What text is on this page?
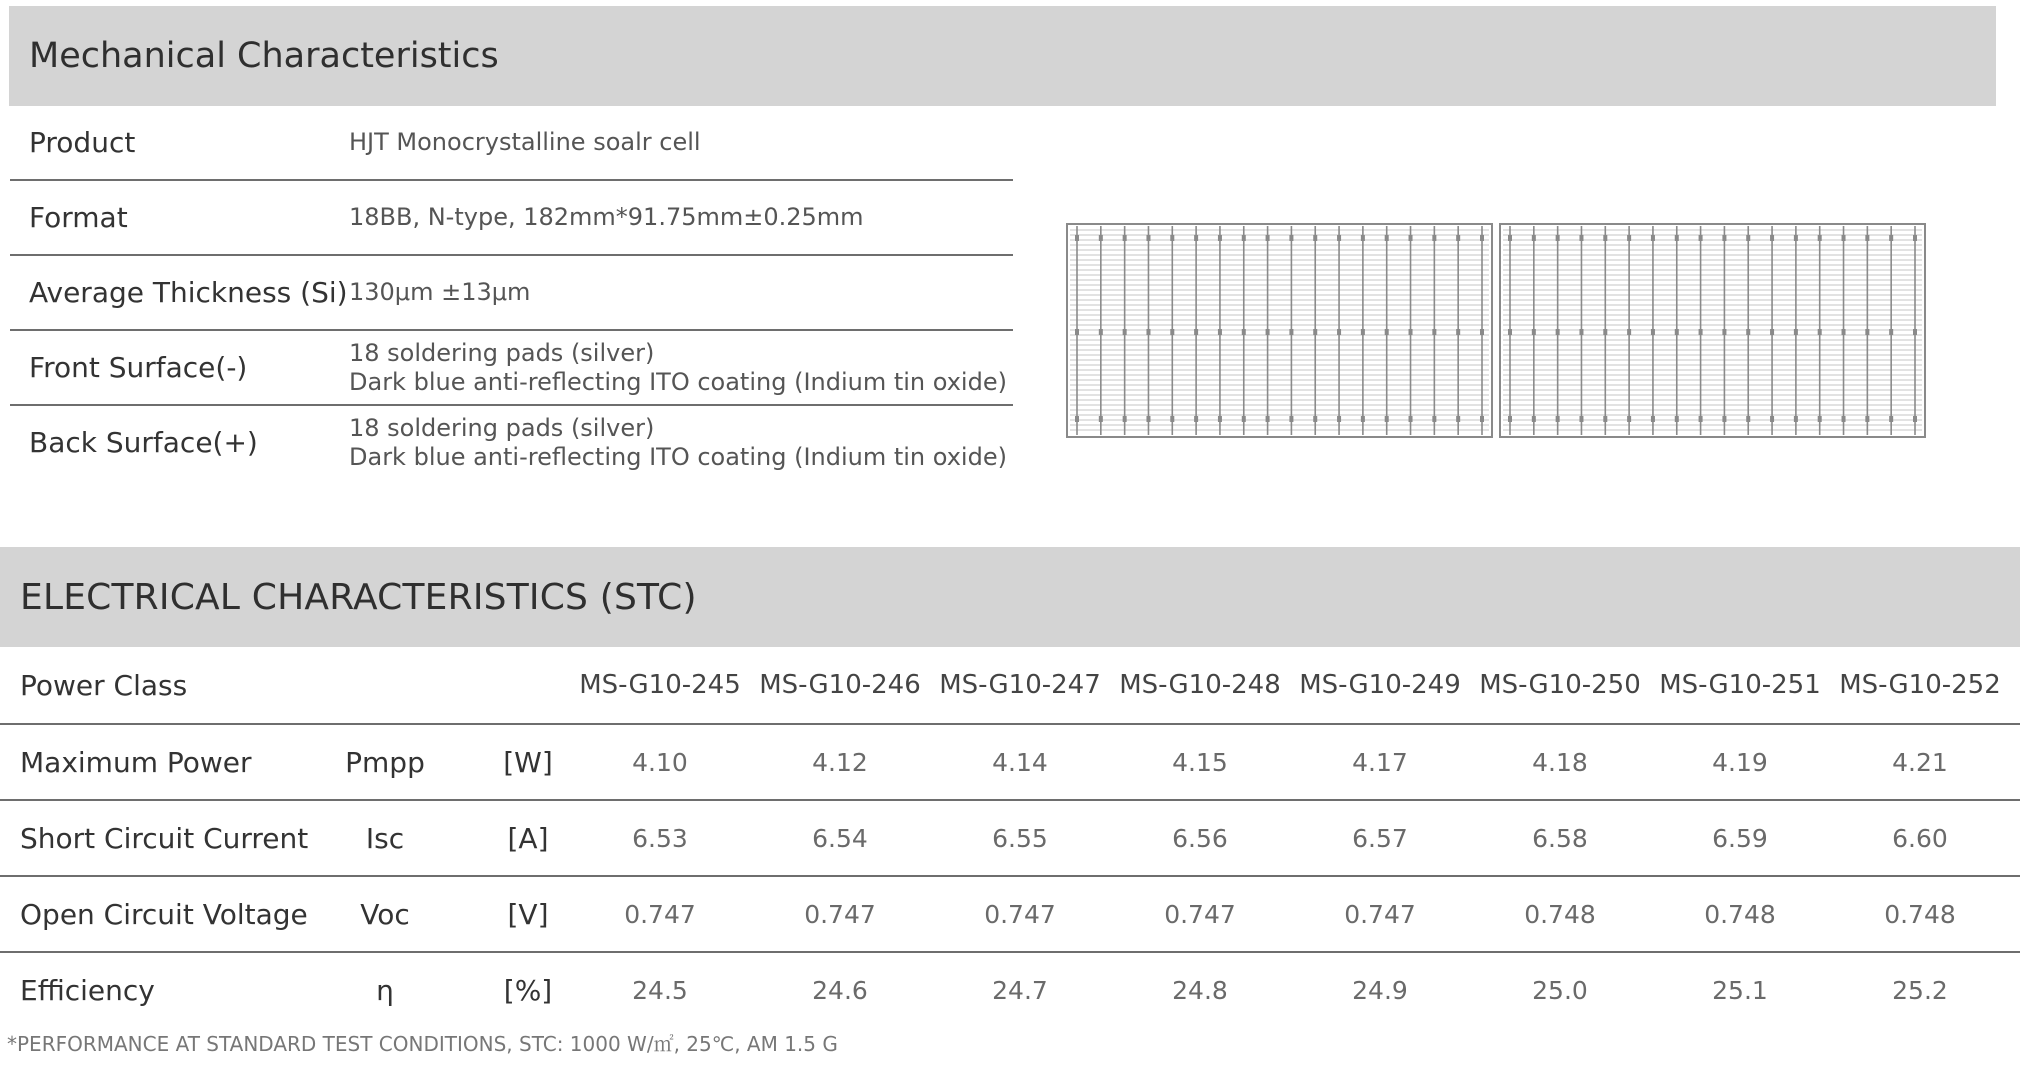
Mechanical Characteristics
Product	HJT Monocrystalline soalr cell
Format	18BB, N-type, 182mm*91.75mm±0.25mm
Average Thickness (Si) 130μm ±13μm
Front Surface(-)	18 soldering pads (silver)
Dark blue anti-reflecting ITO coating (Indium tin oxide)
Back Surface(+)	18 soldering pads (silver)
Dark blue anti-reflecting ITO coating (Indium tin oxide)
ELECTRICAL CHARACTERISTICS (STC)
Power Class	MS-G10-245 MS-G10-246 MS-G10-247 MS-G10-248 MS-G10-249 MS-G10-250 MS-G10-251 MS-G10-252
Maximum Power	Pmpp	[W]	4.10	4.12	4.14	4.15	4.17	4.18	4.19	4.21
Short Circuit Current	Isc	[A]	6.53	6.54	6.55	6.56	6.57	6.58	6.59	6.60
Open Circuit Voltage	Voc	[V]	0.747	0.747	0.747	0.747	0.747	0.748	0.748	0.748
Efficiency	η	[%]	24.5	24.6	24.7	24.8	24.9	25.0	25.1	25.2
*PERFORMANCE AT STANDARD TEST CONDITIONS, STC: 1000 W/㎡, 25℃, AM 1.5 G
